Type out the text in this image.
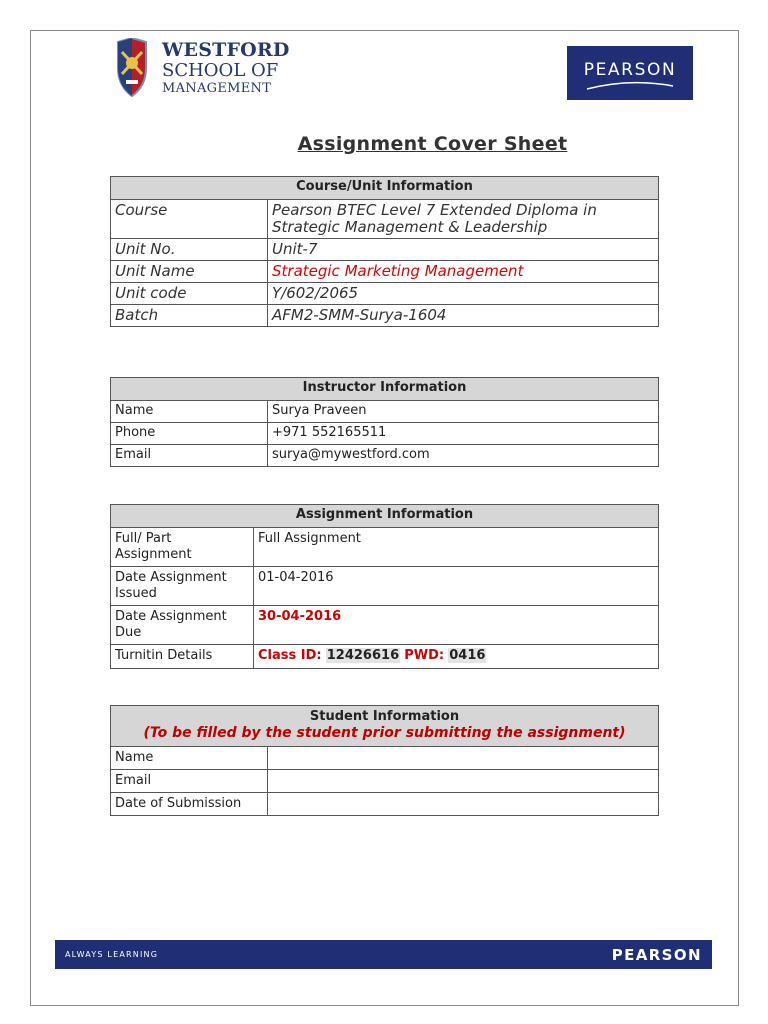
WESTFORD
SCHOOL OF
MANAGEMENT
PEARSON
Assignment Cover Sheet
Course/Unit Information	
Course	Pearson BTEC Level 7 Extended Diploma in Strategic Management & Leadership
Unit No.	Unit-7
Unit Name	Strategic Marketing Management
Unit code	Y/602/2065
Batch	AFM2-SMM-Surya-1604
Instructor Information	
Name	Surya Praveen
Phone	+971 552165511
Email	surya@mywestford.com
Assignment Information	
Full/ Part Assignment	Full Assignment
Date Assignment Issued	01-04-2016
Date Assignment Due	30-04-2016
Turnitin Details	Class ID: 12426616 PWD: 0416
Student Information
(To be filled by the student prior submitting the assignment)	

Name	
Email	
Date of Submission	
ALWAYS LEARNING	PEARSON
